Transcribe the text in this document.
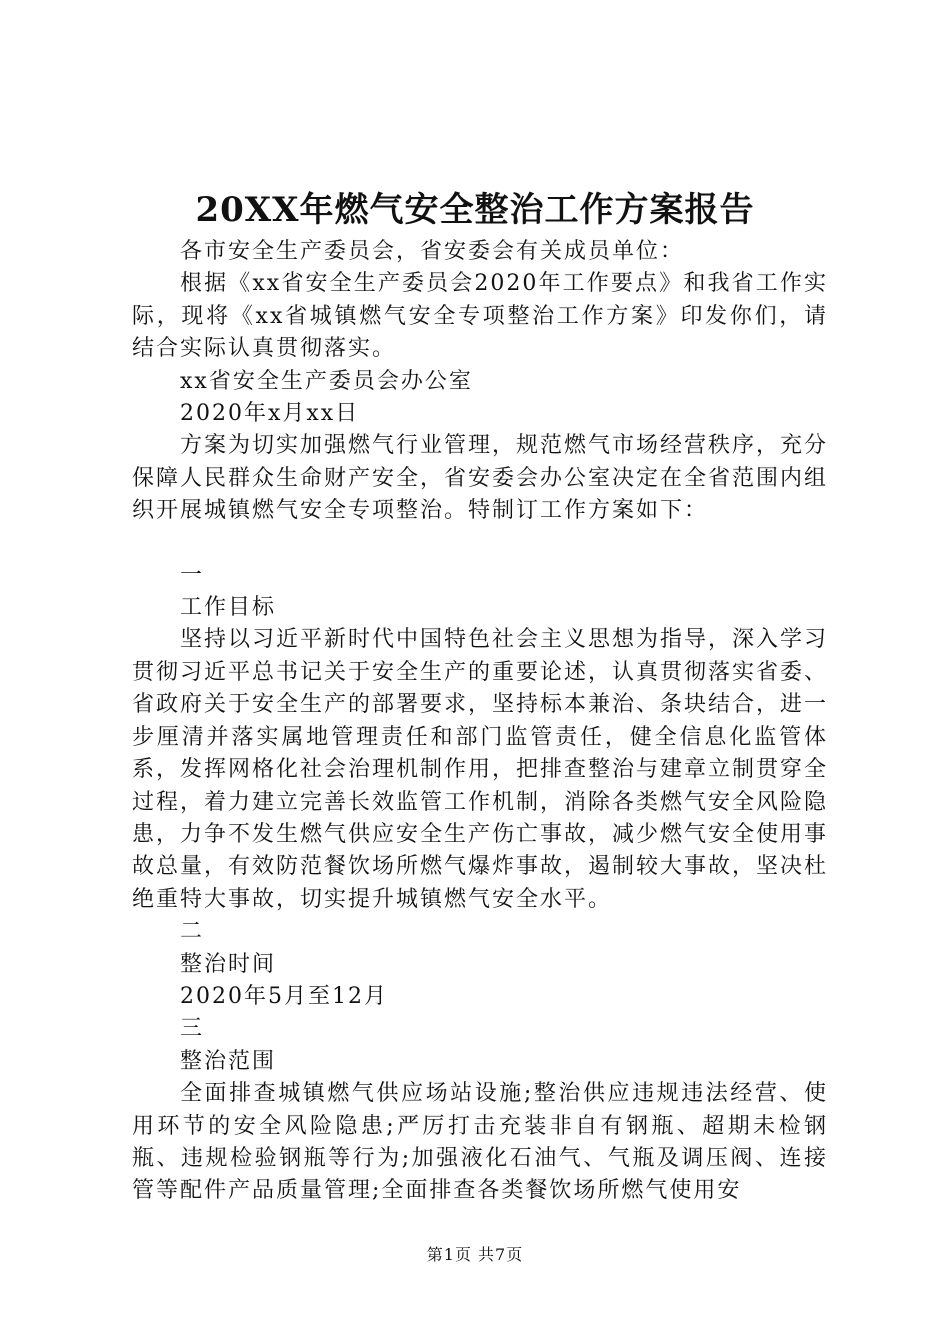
20XX年燃气安全整治工作方案报告

各市安全生产委员会，省安委会有关成员单位：

根据《xx省安全生产委员会2020年工作要点》和我省工作实际，现将《xx省城镇燃气安全专项整治工作方案》印发你们，请结合实际认真贯彻落实。

xx省安全生产委员会办公室

2020年x月xx日

方案为切实加强燃气行业管理，规范燃气市场经营秩序，充分保障人民群众生命财产安全，省安委会办公室决定在全省范围内组织开展城镇燃气安全专项整治。特制订工作方案如下：

一

工作目标

坚持以习近平新时代中国特色社会主义思想为指导，深入学习贯彻习近平总书记关于安全生产的重要论述，认真贯彻落实省委、省政府关于安全生产的部署要求，坚持标本兼治、条块结合，进一步厘清并落实属地管理责任和部门监管责任，健全信息化监管体系，发挥网格化社会治理机制作用，把排查整治与建章立制贯穿全过程，着力建立完善长效监管工作机制，消除各类燃气安全风险隐患，力争不发生燃气供应安全生产伤亡事故，减少燃气安全使用事故总量，有效防范餐饮场所燃气爆炸事故，遏制较大事故，坚决杜绝重特大事故，切实提升城镇燃气安全水平。

二

整治时间

2020年5月至12月

三

整治范围

全面排查城镇燃气供应场站设施;整治供应违规违法经营、使用环节的安全风险隐患;严厉打击充装非自有钢瓶、超期未检钢瓶、违规检验钢瓶等行为;加强液化石油气、气瓶及调压阀、连接管等配件产品质量管理;全面排查各类餐饮场所燃气使用安

第1页 共7页
